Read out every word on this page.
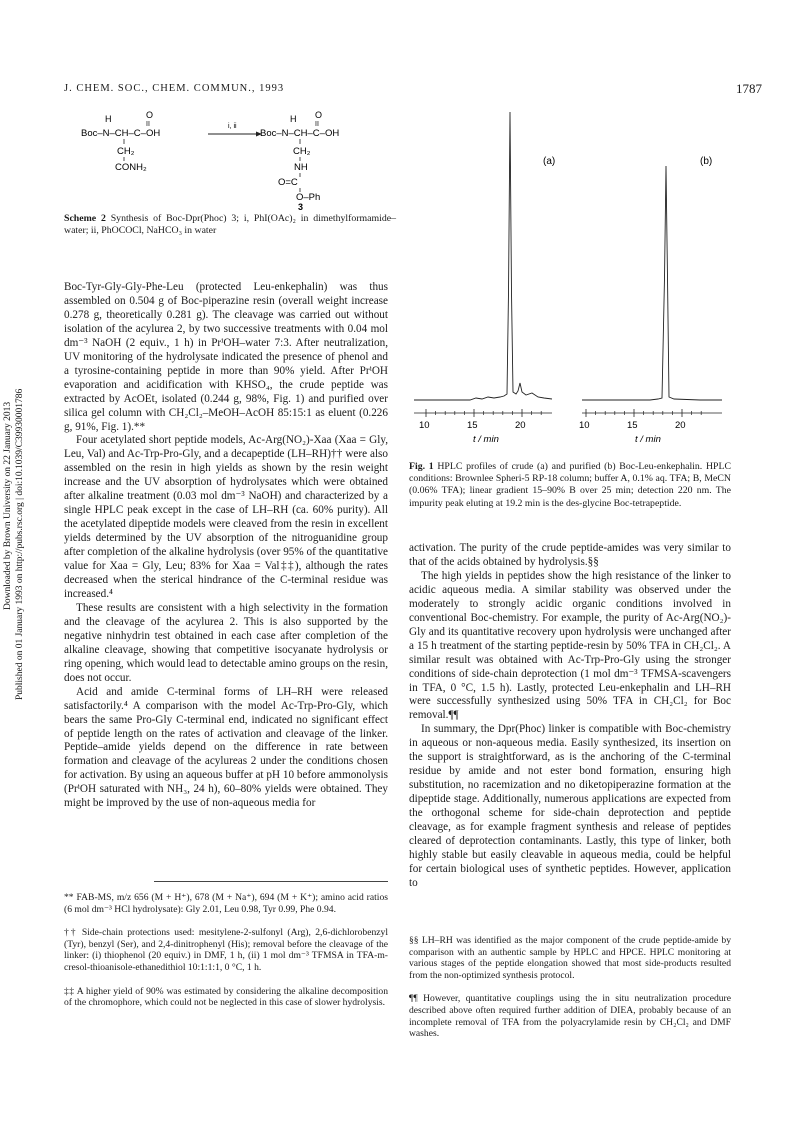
J. CHEM. SOC., CHEM. COMMUN., 1993	1787
Downloaded by Brown University on 22 January 2013 Published on 01 January 1993 on http://pubs.rsc.org | doi:10.1039/C39930001786
H	O
II
Boc–N–CH–C–OH
CH₂
CONH₂
i, ii
H O
II
Boc–N–CH–C–OH
CH₂
NH
O=C
O–Ph
3
Scheme 2 Synthesis of Boc-Dpr(Phoc) 3; i, PhI(OAc)₂ in dimethylformamide–water; ii, PhOCOCl, NaHCO₃ in water

Boc-Tyr-Gly-Gly-Phe-Leu (protected Leu-enkephalin) was thus assembled on 0.504 g of Boc-piperazine resin (overall weight increase 0.278 g, theoretically 0.281 g). The cleavage was carried out without isolation of the acylurea 2, by two successive treatments with 0.04 mol dm⁻³ NaOH (2 equiv., 1 h) in PrⁱOH–water 7:3. After neutralization, UV monitoring of the hydrolysate indicated the presence of phenol and a tyrosine-containing peptide in more than 90% yield. After PrⁱOH evaporation and acidification with KHSO₄, the crude peptide was extracted by AcOEt, isolated (0.244 g, 98%, Fig. 1) and purified over silica gel column with CH₂Cl₂–MeOH–AcOH 85:15:1 as eluent (0.226 g, 91%, Fig. 1).**

Four acetylated short peptide models, Ac-Arg(NO₂)-Xaa (Xaa = Gly, Leu, Val) and Ac-Trp-Pro-Gly, and a decapeptide (LH–RH)†† were also assembled on the resin in high yields as shown by the resin weight increase and the UV absorption of hydrolysates which were obtained after alkaline treatment (0.03 mol dm⁻³ NaOH) and characterized by a single HPLC peak except in the case of LH–RH (ca. 60% purity). All the acetylated dipeptide models were cleaved from the resin in excellent yields determined by the UV absorption of the nitroguanidine group after completion of the alkaline hydrolysis (over 95% of the quantitative value for Xaa = Gly, Leu; 83% for Xaa = Val‡‡), although the rates decreased when the sterical hindrance of the C-terminal residue was increased.⁴

These results are consistent with a high selectivity in the formation and the cleavage of the acylurea 2. This is also supported by the negative ninhydrin test obtained in each case after completion of the alkaline cleavage, showing that competitive isocyanate hydrolysis or ring opening, which would lead to detectable amino groups on the resin, does not occur.

Acid and amide C-terminal forms of LH–RH were released satisfactorily.⁴ A comparison with the model Ac-Trp-Pro-Gly, which bears the same Pro-Gly C-terminal end, indicated no significant effect of peptide length on the rates of activation and cleavage of the linker. Peptide–amide yields depend on the difference in rate between formation and cleavage of the acylureas 2 under the conditions chosen for activation. By using an aqueous buffer at pH 10 before ammonolysis (PrⁱOH saturated with NH₃, 24 h), 60–80% yields were obtained. They might be improved by the use of non-aqueous media for

** FAB-MS, m/z 656 (M + H⁺), 678 (M + Na⁺), 694 (M + K⁺); amino acid ratios (6 mol dm⁻³ HCl hydrolysate): Gly 2.01, Leu 0.98, Tyr 0.99, Phe 0.94.

†† Side-chain protections used: mesitylene-2-sulfonyl (Arg), 2,6-dichlorobenzyl (Tyr), benzyl (Ser), and 2,4-dinitrophenyl (His); removal before the cleavage of the linker: (i) thiophenol (20 equiv.) in DMF, 1 h, (ii) 1 mol dm⁻³ TFMSA in TFA-m-cresol-thioanisole-ethanedithiol 10:1:1:1, 0 °C, 1 h.

‡‡ A higher yield of 90% was estimated by considering the alkaline decomposition of the chromophore, which could not be neglected in this case of slower hydrolysis.

(a)
10	15	20
t / min
(b)
10	15	20
t / min
Fig. 1 HPLC profiles of crude (a) and purified (b) Boc-Leu-enkephalin. HPLC conditions: Brownlee Spheri-5 RP-18 column; buffer A, 0.1% aq. TFA; B, MeCN (0.06% TFA); linear gradient 15–90% B over 25 min; detection 220 nm. The impurity peak eluting at 19.2 min is the des-glycine Boc-tetrapeptide.

activation. The purity of the crude peptide-amides was very similar to that of the acids obtained by hydrolysis.§§

The high yields in peptides show the high resistance of the linker to acidic aqueous media. A similar stability was observed under the moderately to strongly acidic organic conditions involved in conventional Boc-chemistry. For example, the purity of Ac-Arg(NO₂)-Gly and its quantitative recovery upon hydrolysis were unchanged after a 15 h treatment of the starting peptide-resin by 50% TFA in CH₂Cl₂. A similar result was obtained with Ac-Trp-Pro-Gly using the stronger conditions of side-chain deprotection (1 mol dm⁻³ TFMSA-scavengers in TFA, 0 °C, 1.5 h). Lastly, protected Leu-enkephalin and LH–RH were successfully synthesized using 50% TFA in CH₂Cl₂ for Boc removal.¶¶

In summary, the Dpr(Phoc) linker is compatible with Boc-chemistry in aqueous or non-aqueous media. Easily synthesized, its insertion on the support is straightforward, as is the anchoring of the C-terminal residue by amide and not ester bond formation, ensuring high substitution, no racemization and no diketopiperazine formation at the dipeptide stage. Additionally, numerous applications are expected from the orthogonal scheme for side-chain deprotection and peptide cleavage, as for example fragment synthesis and release of peptides cleared of deprotection contaminants. Lastly, this type of linker, both highly stable but easily cleavable in aqueous media, could be helpful for certain biological uses of synthetic peptides. However, application to

§§ LH–RH was identified as the major component of the crude peptide-amide by comparison with an authentic sample by HPLC and HPCE. HPLC monitoring at various stages of the peptide elongation showed that most side-products resulted from the non-optimized synthesis protocol.

¶¶ However, quantitative couplings using the in situ neutralization procedure described above often required further addition of DIEA, probably because of an incomplete removal of TFA from the polyacrylamide resin by CH₂Cl₂ and DMF washes.
